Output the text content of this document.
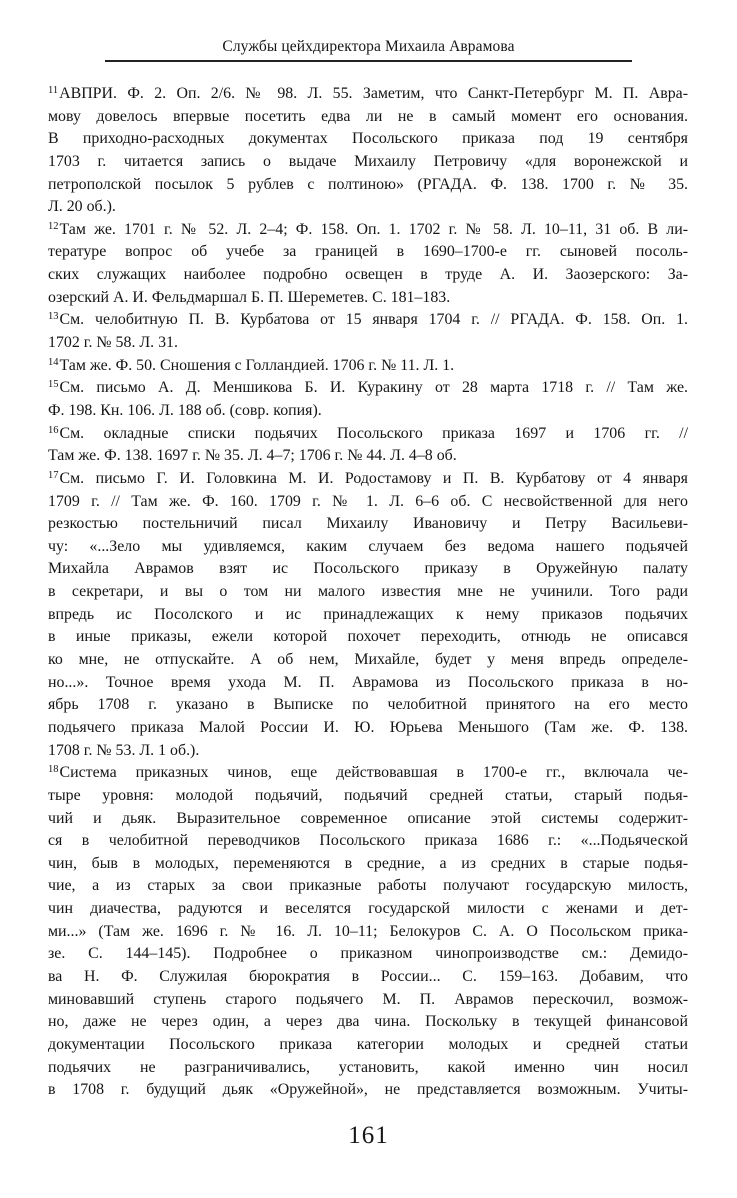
Службы цейхдиректора Михаила Аврамова
$^{11}$АВПРИ. Ф. 2. Оп. 2/6. № 98. Л. 55. Заметим, что Санкт-Петербург М. П. Авра-
мову довелось впервые посетить едва ли не в самый момент его основания.
В приходно-расходных документах Посольского приказа под 19 сентября
1703 г. читается запись о выдаче Михаилу Петровичу «для воронежской и
петрополской посылок 5 рублев с полтиною» (РГАДА. Ф. 138. 1700 г. № 35.
Л. 20 об.).
$^{12}$Там же. 1701 г. № 52. Л. 2–4; Ф. 158. Оп. 1. 1702 г. № 58. Л. 10–11, 31 об. В ли-
тературе вопрос об учебе за границей в 1690–1700-е гг. сыновей посоль-
ских служащих наиболее подробно освещен в труде А. И. Заозерского: За-
озерский А. И. Фельдмаршал Б. П. Шереметев. С. 181–183.
$^{13}$См. челобитную П. В. Курбатова от 15 января 1704 г. // РГАДА. Ф. 158. Оп. 1.
1702 г. № 58. Л. 31.
$^{14}$Там же. Ф. 50. Сношения с Голландией. 1706 г. № 11. Л. 1.
$^{15}$См. письмо А. Д. Меншикова Б. И. Куракину от 28 марта 1718 г. // Там же.
Ф. 198. Кн. 106. Л. 188 об. (совр. копия).
$^{16}$См. окладные списки подьячих Посольского приказа 1697 и 1706 гг. //
Там же. Ф. 138. 1697 г. № 35. Л. 4–7; 1706 г. № 44. Л. 4–8 об.
$^{17}$См. письмо Г. И. Головкина М. И. Родостамову и П. В. Курбатову от 4 января
1709 г. // Там же. Ф. 160. 1709 г. № 1. Л. 6–6 об. С несвойственной для него
резкостью постельничий писал Михаилу Ивановичу и Петру Васильеви-
чу: «...Зело мы удивляемся, каким случаем без ведома нашего подьячей
Михайла Аврамов взят ис Посольского приказу в Оружейную палату
в секретари, и вы о том ни малого известия мне не учинили. Того ради
впредь ис Посолского и ис принадлежащих к нему приказов подьячих
в иные приказы, ежели которой похочет переходить, отнюдь не описався
ко мне, не отпускайте. А об нем, Михайле, будет у меня впредь определе-
но...». Точное время ухода М. П. Аврамова из Посольского приказа в но-
ябрь 1708 г. указано в Выписке по челобитной принятого на его место
подьячего приказа Малой России И. Ю. Юрьева Меньшого (Там же. Ф. 138.
1708 г. № 53. Л. 1 об.).
$^{18}$Система приказных чинов, еще действовавшая в 1700-е гг., включала че-
тыре уровня: молодой подьячий, подьячий средней статьи, старый подья-
чий и дьяк. Выразительное современное описание этой системы содержит-
ся в челобитной переводчиков Посольского приказа 1686 г.: «...Подьяческой
чин, быв в молодых, переменяются в средние, а из средних в старые подья-
чие, а из старых за свои приказные работы получают государскую милость,
чин диачества, радуются и веселятся государской милости с женами и дет-
ми...» (Там же. 1696 г. № 16. Л. 10–11; Белокуров С. А. О Посольском прика-
зе. С. 144–145). Подробнее о приказном чинопроизводстве см.: Демидо-
ва Н. Ф. Служилая бюрократия в России... С. 159–163. Добавим, что
миновавший ступень старого подьячего М. П. Аврамов перескочил, возмож-
но, даже не через один, а через два чина. Поскольку в текущей финансовой
документации Посольского приказа категории молодых и средней статьи
подьячих не разграничивались, установить, какой именно чин носил
в 1708 г. будущий дьяк «Оружейной», не представляется возможным. Учиты-
161
